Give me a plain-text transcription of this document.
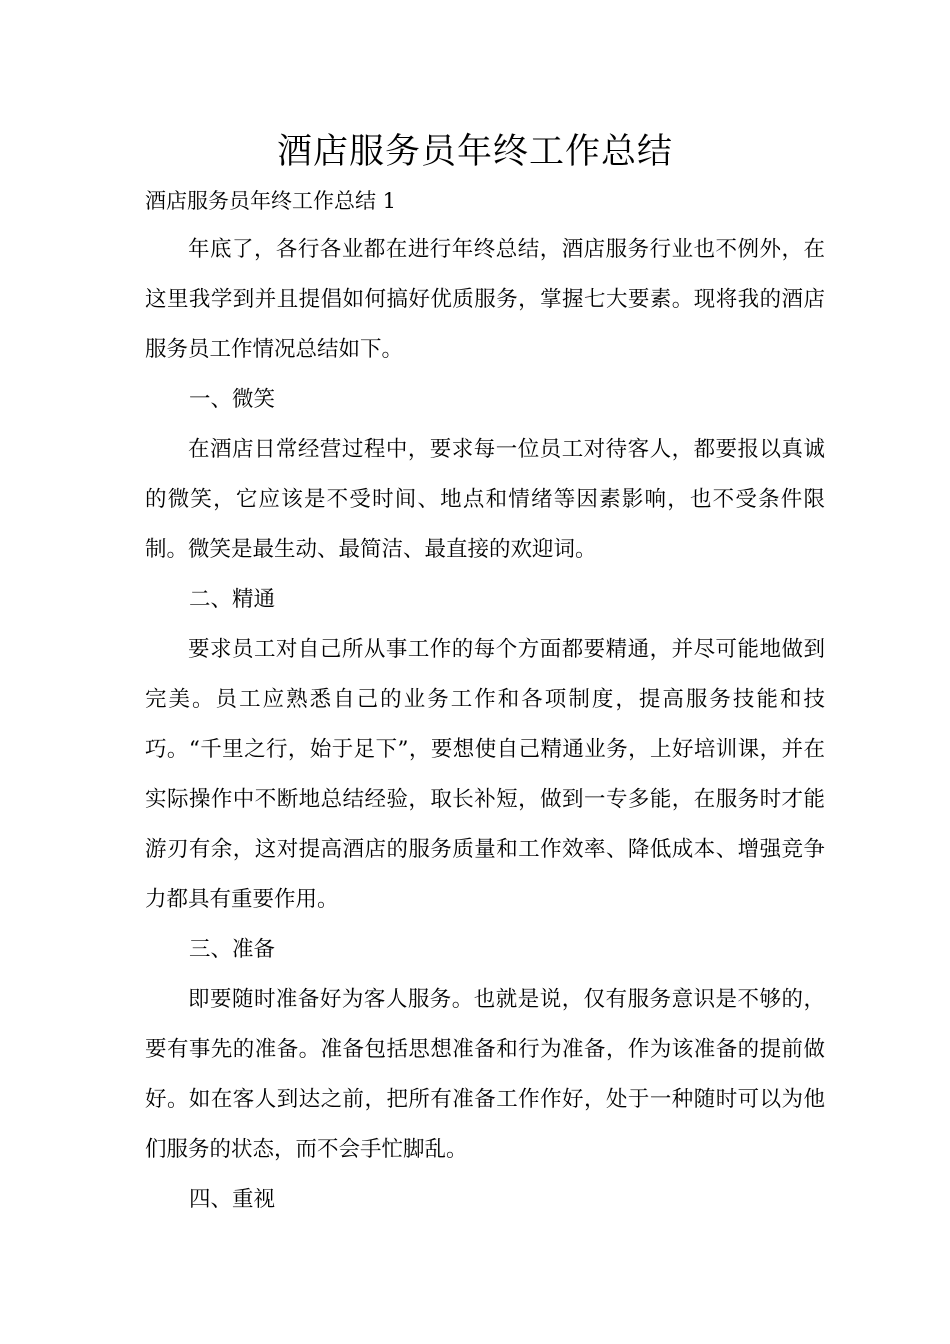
酒店服务员年终工作总结
酒店服务员年终工作总结 1

年底了，各行各业都在进行年终总结，酒店服务行业也不例外，在这里我学到并且提倡如何搞好优质服务，掌握七大要素。现将我的酒店服务员工作情况总结如下。

一、微笑

在酒店日常经营过程中，要求每一位员工对待客人，都要报以真诚的微笑，它应该是不受时间、地点和情绪等因素影响，也不受条件限制。微笑是最生动、最简洁、最直接的欢迎词。

二、精通

要求员工对自己所从事工作的每个方面都要精通，并尽可能地做到完美。员工应熟悉自己的业务工作和各项制度，提高服务技能和技巧。“千里之行，始于足下”，要想使自己精通业务，上好培训课，并在实际操作中不断地总结经验，取长补短，做到一专多能，在服务时才能游刃有余，这对提高酒店的服务质量和工作效率、降低成本、增强竞争力都具有重要作用。

三、准备

即要随时准备好为客人服务。也就是说，仅有服务意识是不够的，要有事先的准备。准备包括思想准备和行为准备，作为该准备的提前做好。如在客人到达之前，把所有准备工作作好，处于一种随时可以为他们服务的状态，而不会手忙脚乱。

四、重视
